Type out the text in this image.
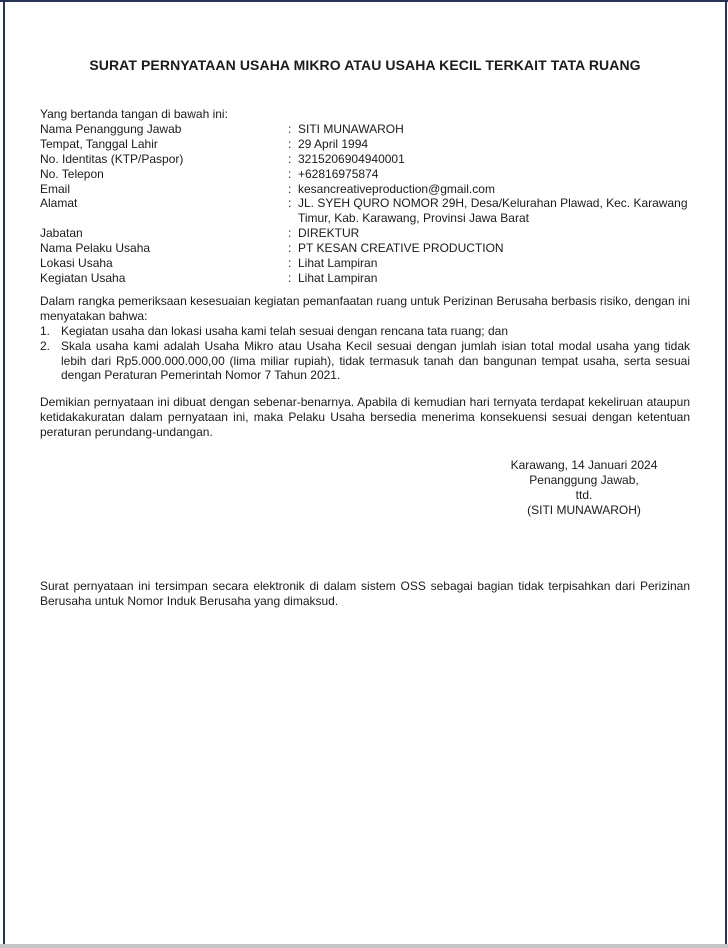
SURAT PERNYATAAN USAHA MIKRO ATAU USAHA KECIL TERKAIT TATA RUANG

Yang bertanda tangan di bawah ini:

Nama Penanggung Jawab	:	SITI MUNAWAROH
Tempat, Tanggal Lahir	:	29 April 1994
No. Identitas (KTP/Paspor)	:	3215206904940001
No. Telepon	:	+62816975874
Email	:	kesancreativeproduction@gmail.com
Alamat	:	JL. SYEH QURO NOMOR 29H, Desa/Kelurahan Plawad, Kec. Karawang Timur, Kab. Karawang, Provinsi Jawa Barat
Jabatan	:	DIREKTUR
Nama Pelaku Usaha	:	PT KESAN CREATIVE PRODUCTION
Lokasi Usaha	:	Lihat Lampiran
Kegiatan Usaha	:	Lihat Lampiran

Dalam rangka pemeriksaan kesesuaian kegiatan pemanfaatan ruang untuk Perizinan Berusaha berbasis risiko, dengan ini menyatakan bahwa:

1. Kegiatan usaha dan lokasi usaha kami telah sesuai dengan rencana tata ruang; dan
2. Skala usaha kami adalah Usaha Mikro atau Usaha Kecil sesuai dengan jumlah isian total modal usaha yang tidak lebih dari Rp5.000.000.000,00 (lima miliar rupiah), tidak termasuk tanah dan bangunan tempat usaha, serta sesuai dengan Peraturan Pemerintah Nomor 7 Tahun 2021.

Demikian pernyataan ini dibuat dengan sebenar-benarnya. Apabila di kemudian hari ternyata terdapat kekeliruan ataupun ketidakakuratan dalam pernyataan ini, maka Pelaku Usaha bersedia menerima konsekuensi sesuai dengan ketentuan peraturan perundang-undangan.

Karawang, 14 Januari 2024
Penanggung Jawab,
ttd.
(SITI MUNAWAROH)

Surat pernyataan ini tersimpan secara elektronik di dalam sistem OSS sebagai bagian tidak terpisahkan dari Perizinan Berusaha untuk Nomor Induk Berusaha yang dimaksud.
